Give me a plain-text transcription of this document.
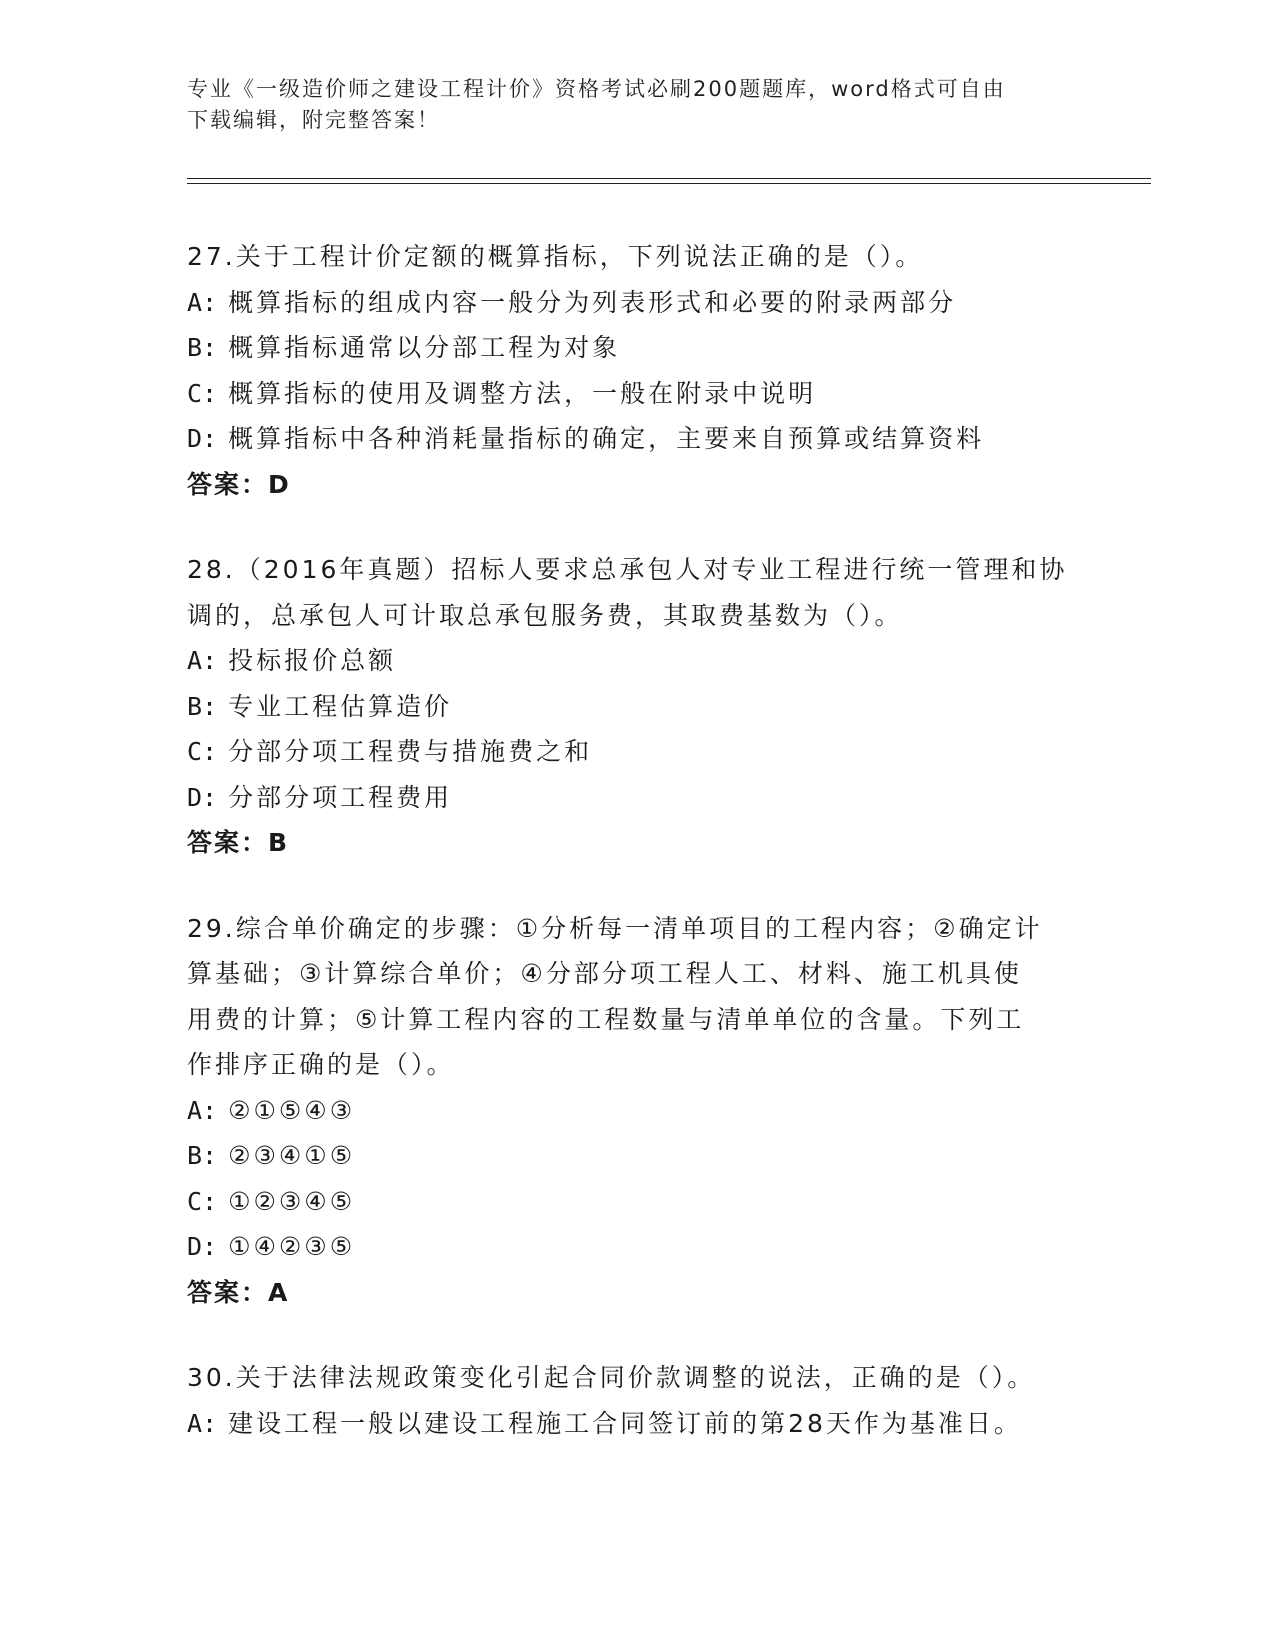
专业《一级造价师之建设工程计价》资格考试必刷200题题库，word格式可自由
下载编辑，附完整答案！
27.关于工程计价定额的概算指标，下列说法正确的是（）。
A: 概算指标的组成内容一般分为列表形式和必要的附录两部分
B: 概算指标通常以分部工程为对象
C: 概算指标的使用及调整方法，一般在附录中说明
D: 概算指标中各种消耗量指标的确定，主要来自预算或结算资料
答案：D
28.（2016年真题）招标人要求总承包人对专业工程进行统一管理和协
调的，总承包人可计取总承包服务费，其取费基数为（）。
A: 投标报价总额
B: 专业工程估算造价
C: 分部分项工程费与措施费之和
D: 分部分项工程费用
答案：B
29.综合单价确定的步骤：①分析每一清单项目的工程内容；②确定计
算基础；③计算综合单价；④分部分项工程人工、材料、施工机具使
用费的计算；⑤计算工程内容的工程数量与清单单位的含量。下列工
作排序正确的是（）。
A: ②①⑤④③
B: ②③④①⑤
C: ①②③④⑤
D: ①④②③⑤
答案：A
30.关于法律法规政策变化引起合同价款调整的说法，正确的是（）。
A: 建设工程一般以建设工程施工合同签订前的第28天作为基准日。
